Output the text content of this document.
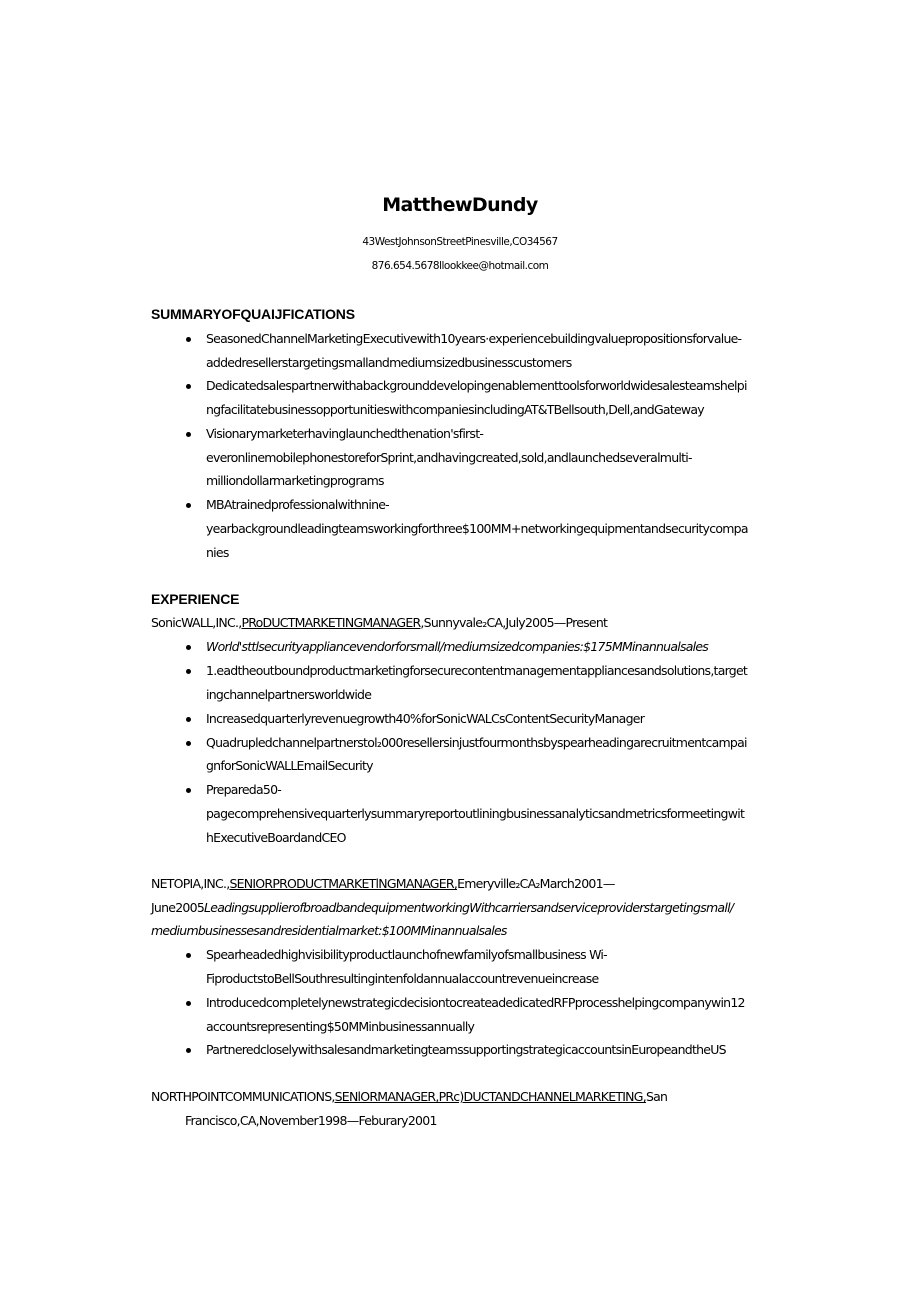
MatthewDundy
43WestJohnsonStreetPinesville,CO34567
876.654.5678llookkee@hotmail.com
SUMMARYOFQUAIJFICATIONS
SeasonedChannelMarketingExecutivewith10years·experiencebuildingvaluepropositionsforvalue-
addedresellerstargetingsmallandmediumsizedbusinesscustomers
Dedicatedsalespartnerwithabackgrounddevelopingenablementtoolsforworldwidesalesteamshelpi
ngfacilitatebusinessopportunitieswithcompaniesincludingAT&TBellsouth,Dell,andGateway
Visionarymarketerhavinglaunchedthenation'sfirst-
everonlinemobilephonestoreforSprint,andhavingcreated,sold,andlaunchedseveralmulti-
milliondollarmarketingprograms
MBAtrainedprofessionalwithnine-
yearbackgroundleadingteamsworkingforthree$100MM+networkingequipmentandsecuritycompa
nies
EXPERIENCE
SonicWALL,INC.,PRoDUCTMARKETINGMANAGER,Sunnyvale₂CA,July2005—Present
World'sttlsecurityappliancevendorforsmall/mediumsizedcompanies:$175MMinannualsales
1.eadtheoutboundproductmarketingforsecurecontentmanagementappliancesandsolutions,target
ingchannelpartnersworldwide
Increasedquarterlyrevenuegrowth40%forSonicWALCsContentSecurityManager
Quadrupledchannelpartnerstol₂000resellersinjustfourmonthsbyspearheadingarecruitmentcampai
gnforSonicWALLEmailSecurity
Prepareda50-
pagecomprehensivequarterlysummaryreportoutliningbusinessanalyticsandmetricsformeetingwit
hExecutiveBoardandCEO
NETOPIA,INC.,SENIORPRODUCTMARKETlNGMANAGER,Emeryville₂CA₂March2001—
June2005LeadingsupplierofbroadbandequipmentworkingWithcarriersandserviceproviderstargetingsmall/
mediumbusinessesandresidentialmarket:$100MMinannualsales
Spearheadedhighvisibilityproductlaunchofnewfamilyofsmallbusiness Wi-
FiproductstoBellSouthresultingintenfoldannualaccountrevenueincrease
IntroducedcompletelynewstrategicdecisiontocreateadedicatedRFPprocesshelpingcompanywin12
accountsrepresenting$50MMinbusinessannually
PartneredcloselywithsalesandmarketingteamssupportingstrategicaccountsinEuropeandtheUS
NORTHPOINTCOMMUNICATIONS,SENlORMANAGER,PRc)DUCTANDCHANNELMARKETING,San
Francisco,CA,November1998—Feburary2001
